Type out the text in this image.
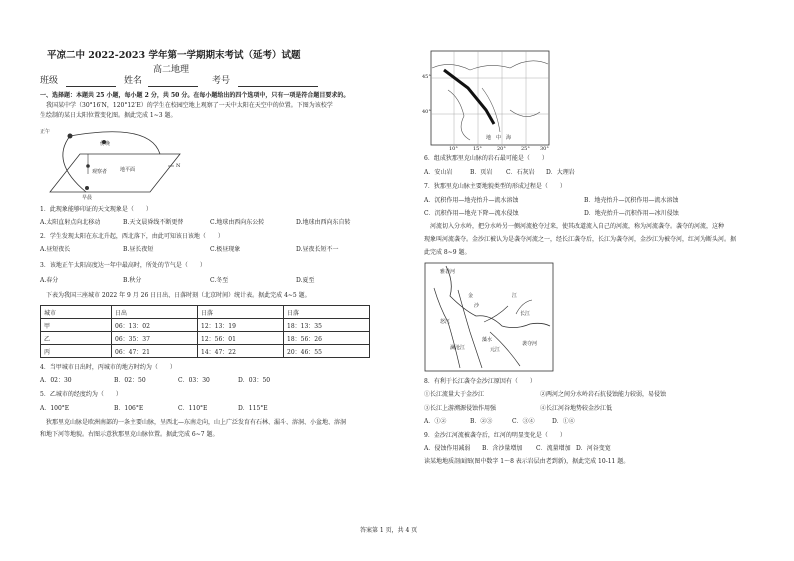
平凉二中 2022-2023 学年第一学期期末考试（延考）试题
高二地理
班级	姓名	考号
一、选择题：本题共 25 小题，每小题 2 分，共 50 分。在每小题给出的四个选项中，只有一项是符合题目要求的。
我国某中学（30°16′N，120°12′E）的学生在校园空地上观察了一天中太阳在天空中的位置。下图为该校学
生绘制的某日太阳位置变化图。据此完成 1~3 题。
正午
傍晚
观察者	地平面
早晨
N
1．此现象能够印证的天文现象是（　　）
A.太阳直射点向北移动	B.天文晨昏线不断更替	C.地球由西向东公转	D.地球由西向东自转
2．学生发现太阳在东北升起，西北落下，由此可知该日该地（　　）
A.昼短夜长	B.昼长夜短	C.极昼现象	D.昼夜长短不一
3．该地正午太阳高度达一年中最高时，所处的节气是（　　）
A.春分	B.秋分	C.冬至	D.夏至
下表为我国三座城市 2022 年 9 月 26 日日出、日落时刻（北京时间）统计表。据此完成 4~5 题。
城市	日出	日落	日落
甲	06：13：02	12：13：19	18：13：35
乙	06：35：37	12：56：01	18：56：26
丙	06：47：21	14：47：22	20：46：55
4．当甲城市日出时，丙城市的地方时约为（　　）
A．02：30	B．02：50	C．03：30	D．03：50
5．乙城市的经度约为（　　）
A．100°E	B．106°E	C．110°E	D．115°E
狄那里克山脉是欧洲南部的一条主要山脉，呈西北—东南走向，山上广泛发育有石林、漏斗、溶洞、小盆地、溶洞
和地下河等地貌。右图示意狄那里克山脉位置。据此完成 6~7 题。
45°
40°
10°	15°	20°	25° 30°
地　中　海
6．组成狄那里克山脉的岩石最可能是（　　）
A．安山岩	B．页岩 C．石灰岩 D．大理岩
7．狄那里克山脉主要地貌类型的形成过程是（　　）
A．沉积作用—地壳抬升—流水溶蚀	B．地壳抬升—沉积作用—流水溶蚀
C．沉积作用—地壳下降—流水侵蚀	D．地壳抬升—沉积作用—冰川侵蚀
河流切入分水岭，把分水岭另一侧河流抢夺过来，使其改道流入自己的河流，称为河流袭夺。袭夺的河流，这种
现象叫河流袭夺。金沙江被认为是袭夺河流之一，经长江袭夺后，长江为袭夺河，金沙江为被夺河，红河为断头河。据
此完成 8~9 题。
雅砻河
金
沙
江
长江
怒江
澜沧江	元江
藻水
袭夺河
8．有利于长江袭夺金沙江原因有（　　）
①长江流量大于金沙江	②两河之间分水岭岩石抗侵蚀能力较弱，易侵蚀
③长江上游溯源侵蚀作用强	④长江河谷地势较金沙江低
A．①②	B．②③	C．③④	D．①④
9．金沙江河流被袭夺后，红河的明显变化是（　　）
A．侵蚀作用减弱 B．含沙量增加 C．流量增加 D．河谷变宽
读某地地质剖面图(图中数字 1～8 表示岩层由老到新)，据此完成 10-11 题。
答案第 1 页，共 4 页
